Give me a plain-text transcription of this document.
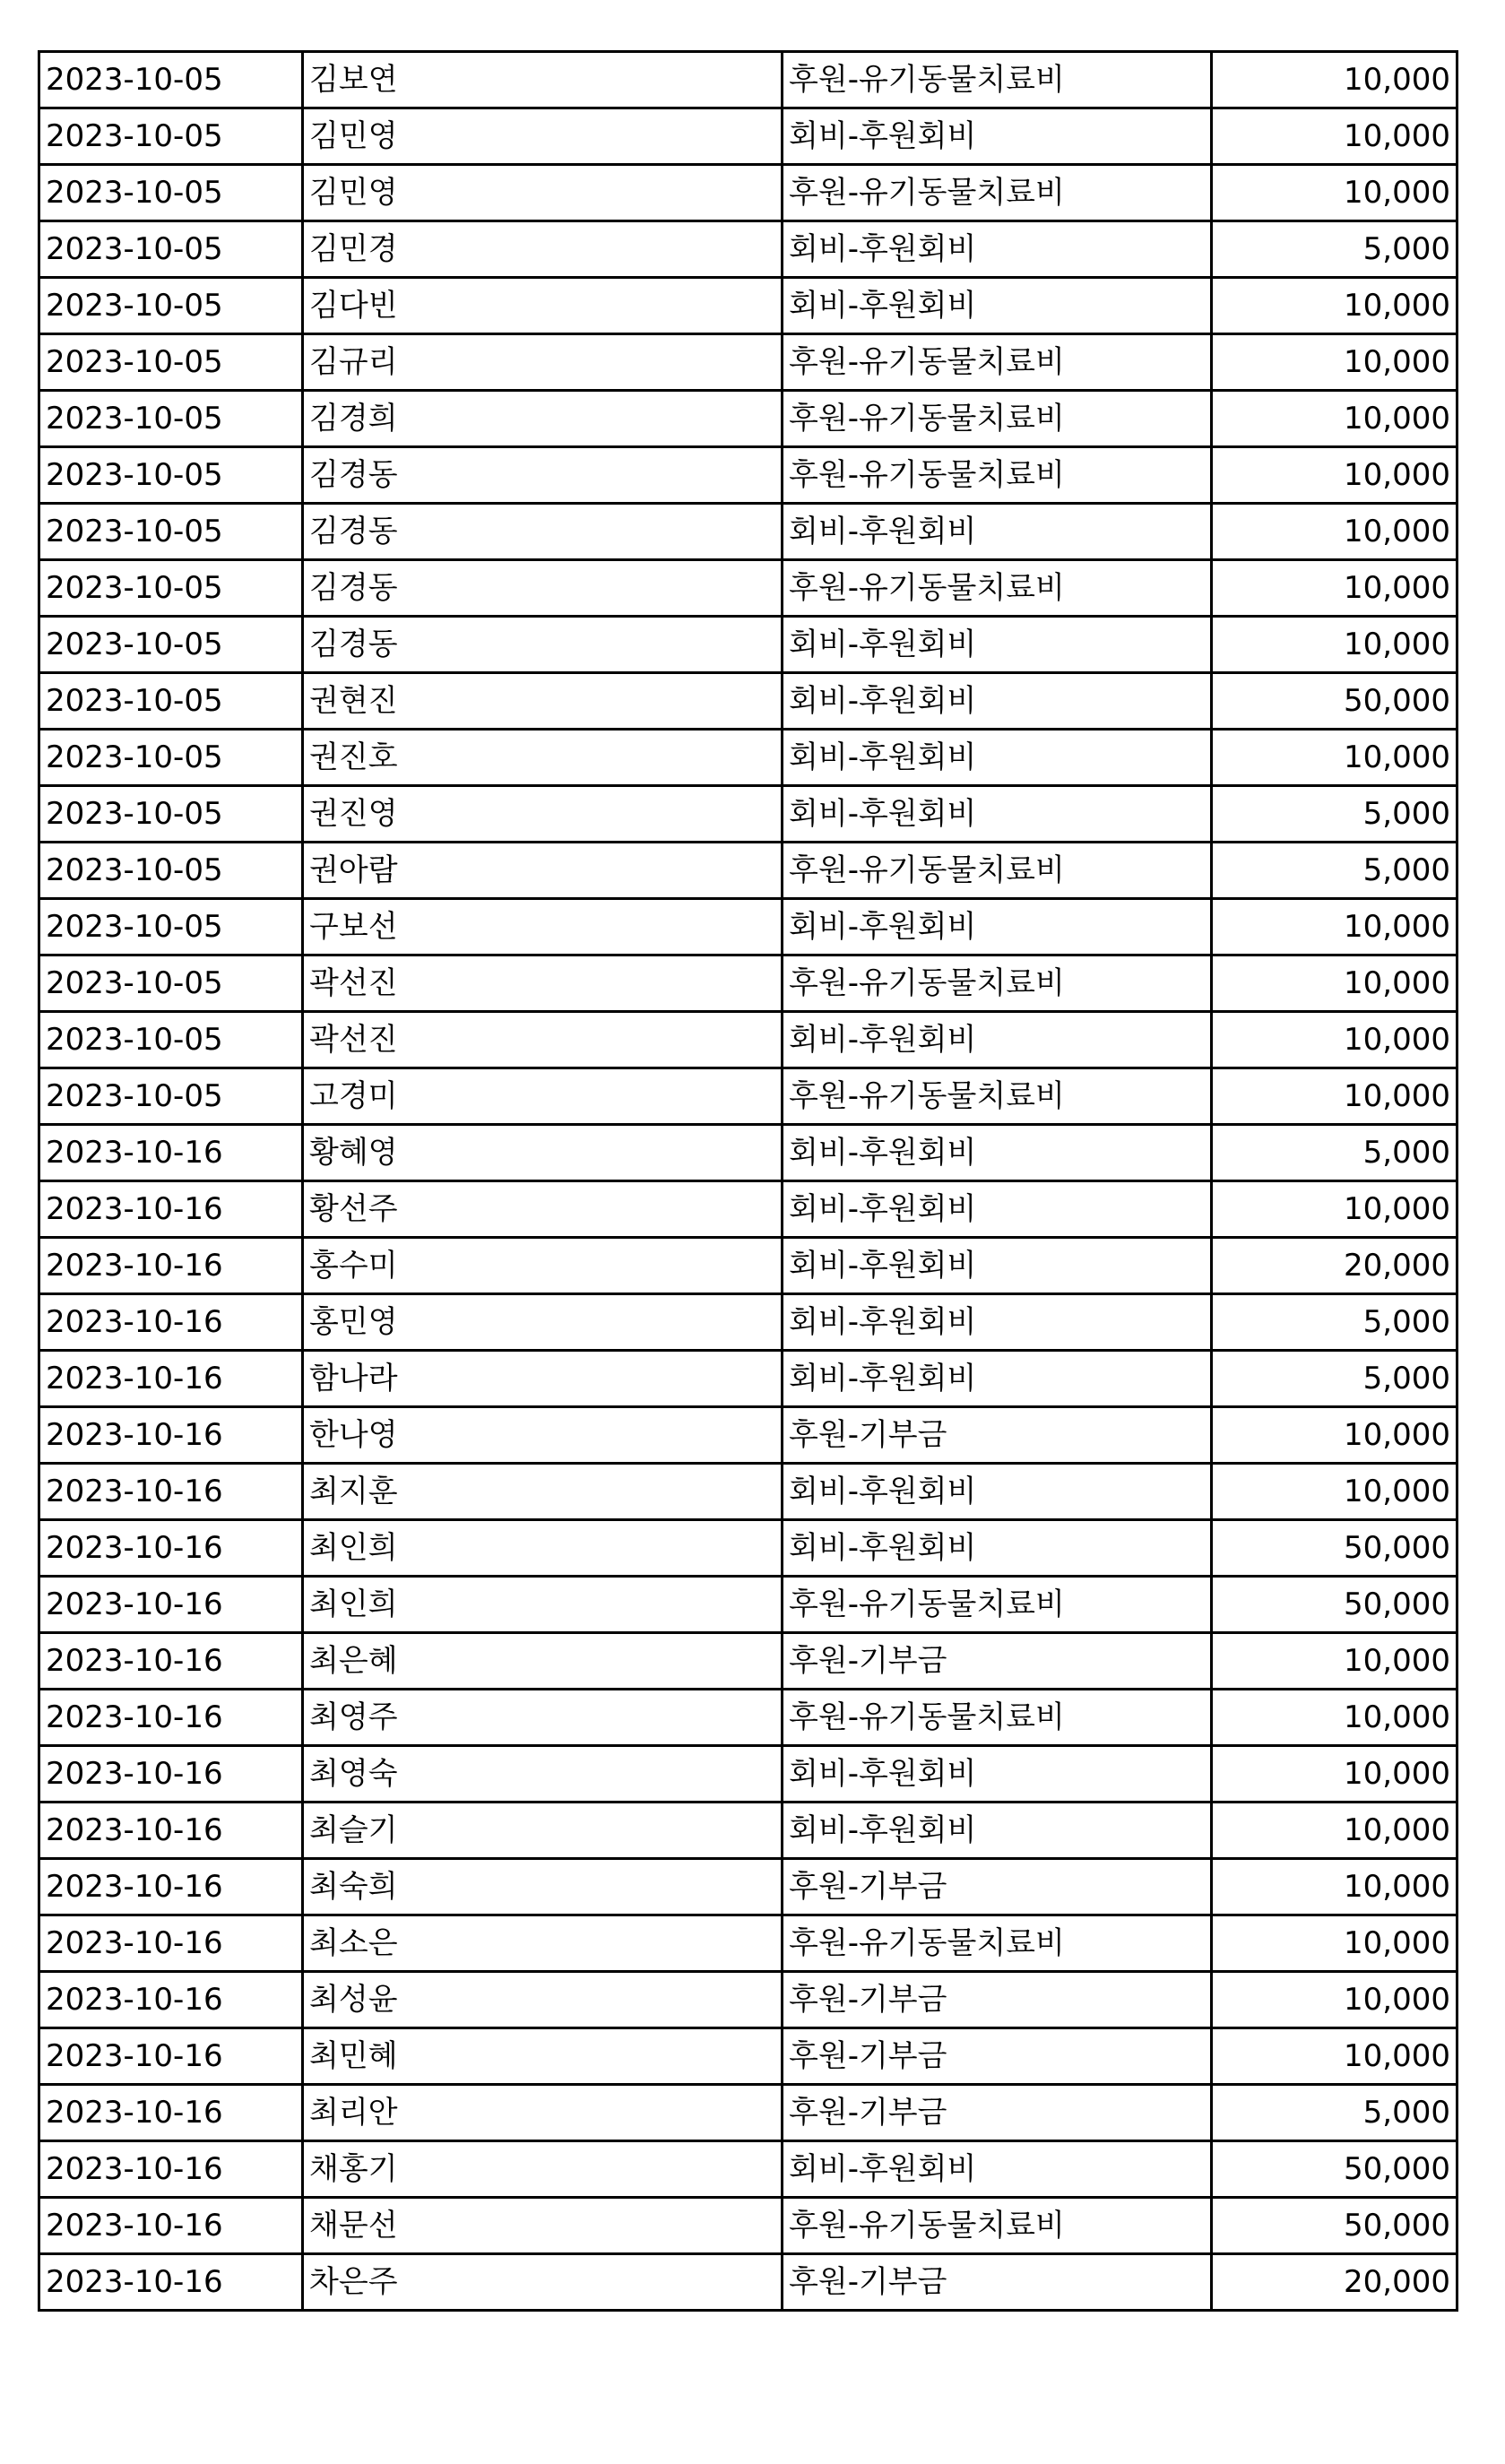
2023-10-05	김보연	후원-유기동물치료비	10,000
2023-10-05	김민영	회비-후원회비	10,000
2023-10-05	김민영	후원-유기동물치료비	10,000
2023-10-05	김민경	회비-후원회비	5,000
2023-10-05	김다빈	회비-후원회비	10,000
2023-10-05	김규리	후원-유기동물치료비	10,000
2023-10-05	김경희	후원-유기동물치료비	10,000
2023-10-05	김경동	후원-유기동물치료비	10,000
2023-10-05	김경동	회비-후원회비	10,000
2023-10-05	김경동	후원-유기동물치료비	10,000
2023-10-05	김경동	회비-후원회비	10,000
2023-10-05	권현진	회비-후원회비	50,000
2023-10-05	권진호	회비-후원회비	10,000
2023-10-05	권진영	회비-후원회비	5,000
2023-10-05	권아람	후원-유기동물치료비	5,000
2023-10-05	구보선	회비-후원회비	10,000
2023-10-05	곽선진	후원-유기동물치료비	10,000
2023-10-05	곽선진	회비-후원회비	10,000
2023-10-05	고경미	후원-유기동물치료비	10,000
2023-10-16	황혜영	회비-후원회비	5,000
2023-10-16	황선주	회비-후원회비	10,000
2023-10-16	홍수미	회비-후원회비	20,000
2023-10-16	홍민영	회비-후원회비	5,000
2023-10-16	함나라	회비-후원회비	5,000
2023-10-16	한나영	후원-기부금	10,000
2023-10-16	최지훈	회비-후원회비	10,000
2023-10-16	최인희	회비-후원회비	50,000
2023-10-16	최인희	후원-유기동물치료비	50,000
2023-10-16	최은혜	후원-기부금	10,000
2023-10-16	최영주	후원-유기동물치료비	10,000
2023-10-16	최영숙	회비-후원회비	10,000
2023-10-16	최슬기	회비-후원회비	10,000
2023-10-16	최숙희	후원-기부금	10,000
2023-10-16	최소은	후원-유기동물치료비	10,000
2023-10-16	최성윤	후원-기부금	10,000
2023-10-16	최민혜	후원-기부금	10,000
2023-10-16	최리안	후원-기부금	5,000
2023-10-16	채홍기	회비-후원회비	50,000
2023-10-16	채문선	후원-유기동물치료비	50,000
2023-10-16	차은주	후원-기부금	20,000
